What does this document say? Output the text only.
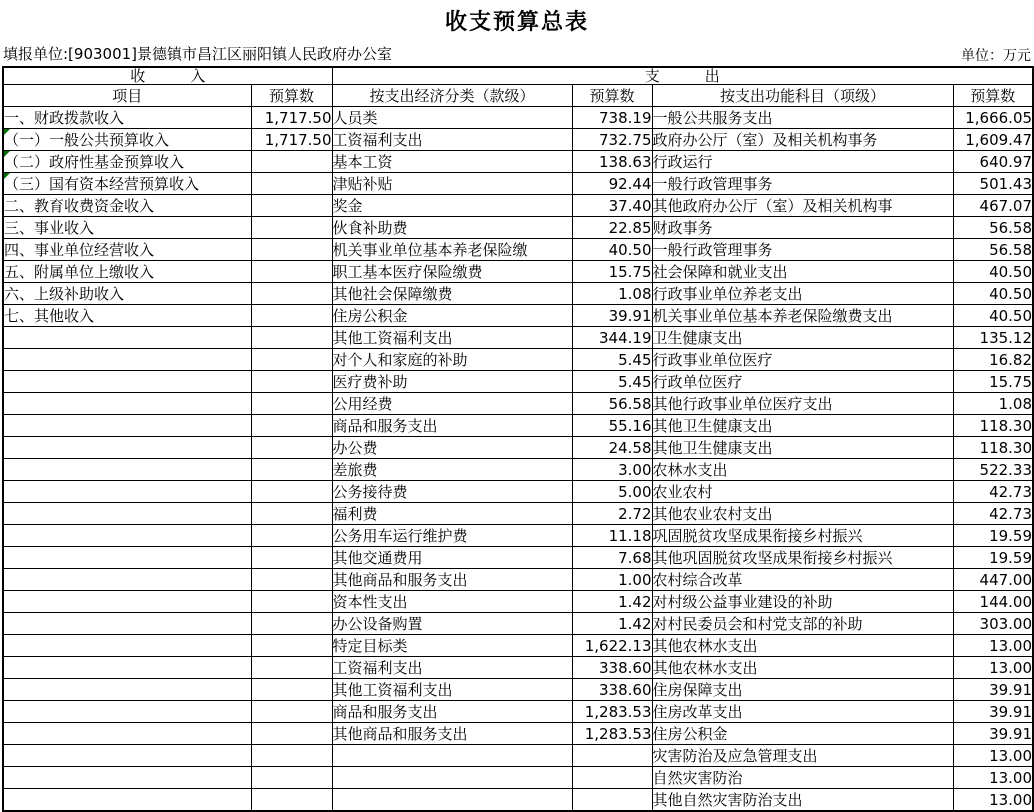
收支预算总表
填报单位:[903001]景德镇市昌江区丽阳镇人民政府办公室	单位：万元
收　　　入		支　　　出			
项目	预算数	按支出经济分类（款级）	预算数	按支出功能科目（项级）	预算数
一、财政拨款收入	1,717.50	人员类	738.19	一般公共服务支出	1,666.05

（一）一般公共预算收入	1,717.50	工资福利支出	732.75	政府办公厅（室）及相关机构事务	1,609.47

（二）政府性基金预算收入		基本工资	138.63	行政运行	640.97

（三）国有资本经营预算收入		津贴补贴	92.44	一般行政管理事务	501.43
二、教育收费资金收入		奖金	37.40	其他政府办公厅（室）及相关机构事	467.07
三、事业收入		伙食补助费	22.85	财政事务	56.58
四、事业单位经营收入		机关事业单位基本养老保险缴	40.50	一般行政管理事务	56.58
五、附属单位上缴收入		职工基本医疗保险缴费	15.75	社会保障和就业支出	40.50
六、上级补助收入		其他社会保障缴费	1.08	行政事业单位养老支出	40.50
七、其他收入		住房公积金	39.91	机关事业单位基本养老保险缴费支出	40.50
		其他工资福利支出	344.19	卫生健康支出	135.12
		对个人和家庭的补助	5.45	行政事业单位医疗	16.82
		医疗费补助	5.45	行政单位医疗	15.75
		公用经费	56.58	其他行政事业单位医疗支出	1.08
		商品和服务支出	55.16	其他卫生健康支出	118.30
		办公费	24.58	其他卫生健康支出	118.30
		差旅费	3.00	农林水支出	522.33
		公务接待费	5.00	农业农村	42.73
		福利费	2.72	其他农业农村支出	42.73
		公务用车运行维护费	11.18	巩固脱贫攻坚成果衔接乡村振兴	19.59
		其他交通费用	7.68	其他巩固脱贫攻坚成果衔接乡村振兴	19.59
		其他商品和服务支出	1.00	农村综合改革	447.00
		资本性支出	1.42	对村级公益事业建设的补助	144.00
		办公设备购置	1.42	对村民委员会和村党支部的补助	303.00
		特定目标类	1,622.13	其他农林水支出	13.00
		工资福利支出	338.60	其他农林水支出	13.00
		其他工资福利支出	338.60	住房保障支出	39.91
		商品和服务支出	1,283.53	住房改革支出	39.91
		其他商品和服务支出	1,283.53	住房公积金	39.91
				灾害防治及应急管理支出	13.00
				自然灾害防治	13.00
				其他自然灾害防治支出	13.00
